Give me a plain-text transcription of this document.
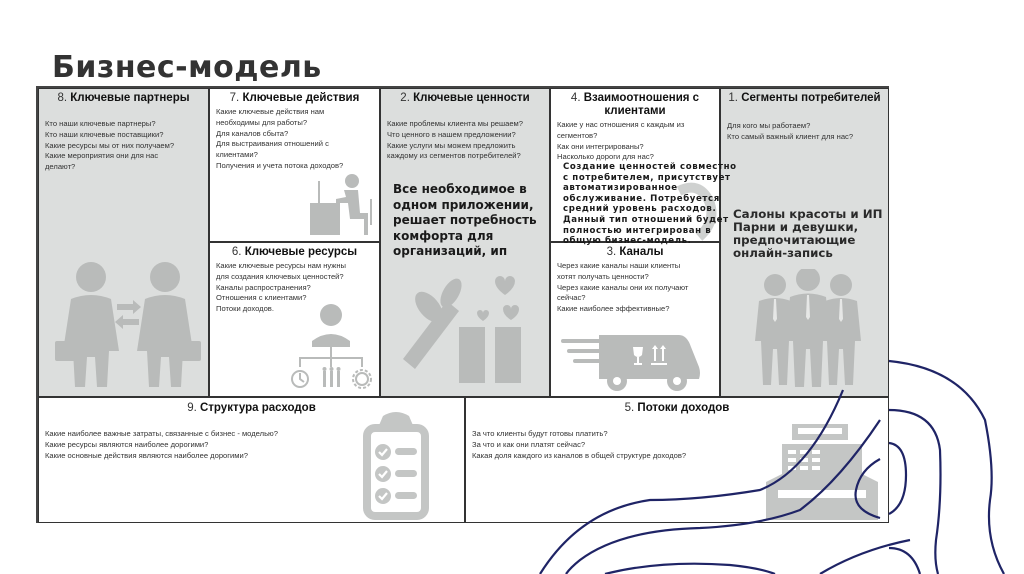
Бизнес-модель
8. Ключевые партнеры
Кто наши ключевые партнеры?
Кто наши ключевые поставщики?
Какие ресурсы мы от них получаем?
Какие мероприятия они для нас
делают?
7. Ключевые действия
Какие ключевые действия нам
необходимы для работы?
Для каналов сбыта?
Для выстраивания отношений с
клиентами?
Получения и учета потока доходов?
6. Ключевые ресурсы
Какие ключевые ресурсы нам нужны
для создания ключевых ценностей?
Каналы распространения?
Отношения с клиентами?
Потоки доходов.
2. Ключевые ценности
Какие проблемы клиента мы решаем?
Что ценного в нашем предложении?
Какие услуги мы можем предложить
каждому из сегментов потребителей?
4. Взаимоотношения с клиентами
Какие у нас отношения с каждым из
сегментов?
Как они интегрированы?
Насколько дороги для нас?
3. Каналы
Через какие каналы наши клиенты
хотят получать ценности?
Через какие каналы они их получают
сейчас?
Какие наиболее эффективные?
1. Сегменты потребителей
Для кого мы работаем?
Кто самый важный клиент для нас?
9. Структура расходов
Какие наиболее важные затраты, связанные с бизнес - моделью?
Какие ресурсы являются наиболее дорогими?
Какие основные действия являются наиболее дорогими?
5. Потоки доходов
За что клиенты будут готовы платить?
За что и как они платят сейчас?
Какая доля каждого из каналов в общей структуре доходов?
Все необходимое в одном приложении, решает потребность комфорта для организаций, ип
Создание ценностей совместно с потребителем, присутствует автоматизированное обслуживание. Потребуется средний уровень расходов. Данный тип отношений будет полностью интегрирован в общую бизнес-модель.
Салоны красоты и ИП Парни и девушки, предпочитающие онлайн-запись
